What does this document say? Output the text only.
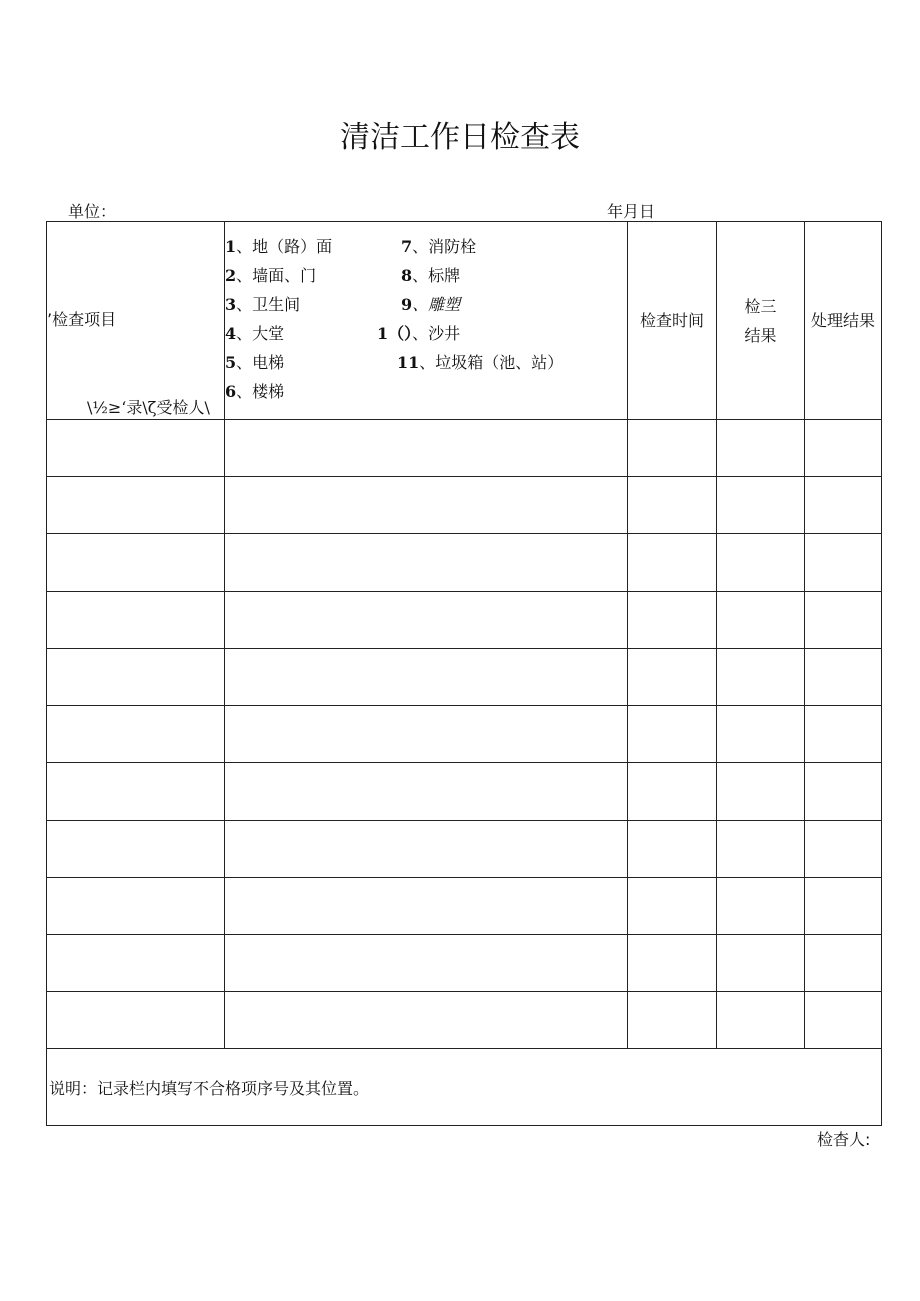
清洁工作日检查表
单位：	年月日
’检查项目
\½≥‘录\ζ受检人\
1、地（路）面
2、墙面、门
3、卫生间
4、大堂
5、电梯
6、楼梯
7、消防栓
8、标牌
9、雕塑
1（）、沙井
11、垃圾箱（池、站）
检查时间
检三
结果
处理结果
说明：记录栏内填写不合格项序号及其位置。
检杳人:
